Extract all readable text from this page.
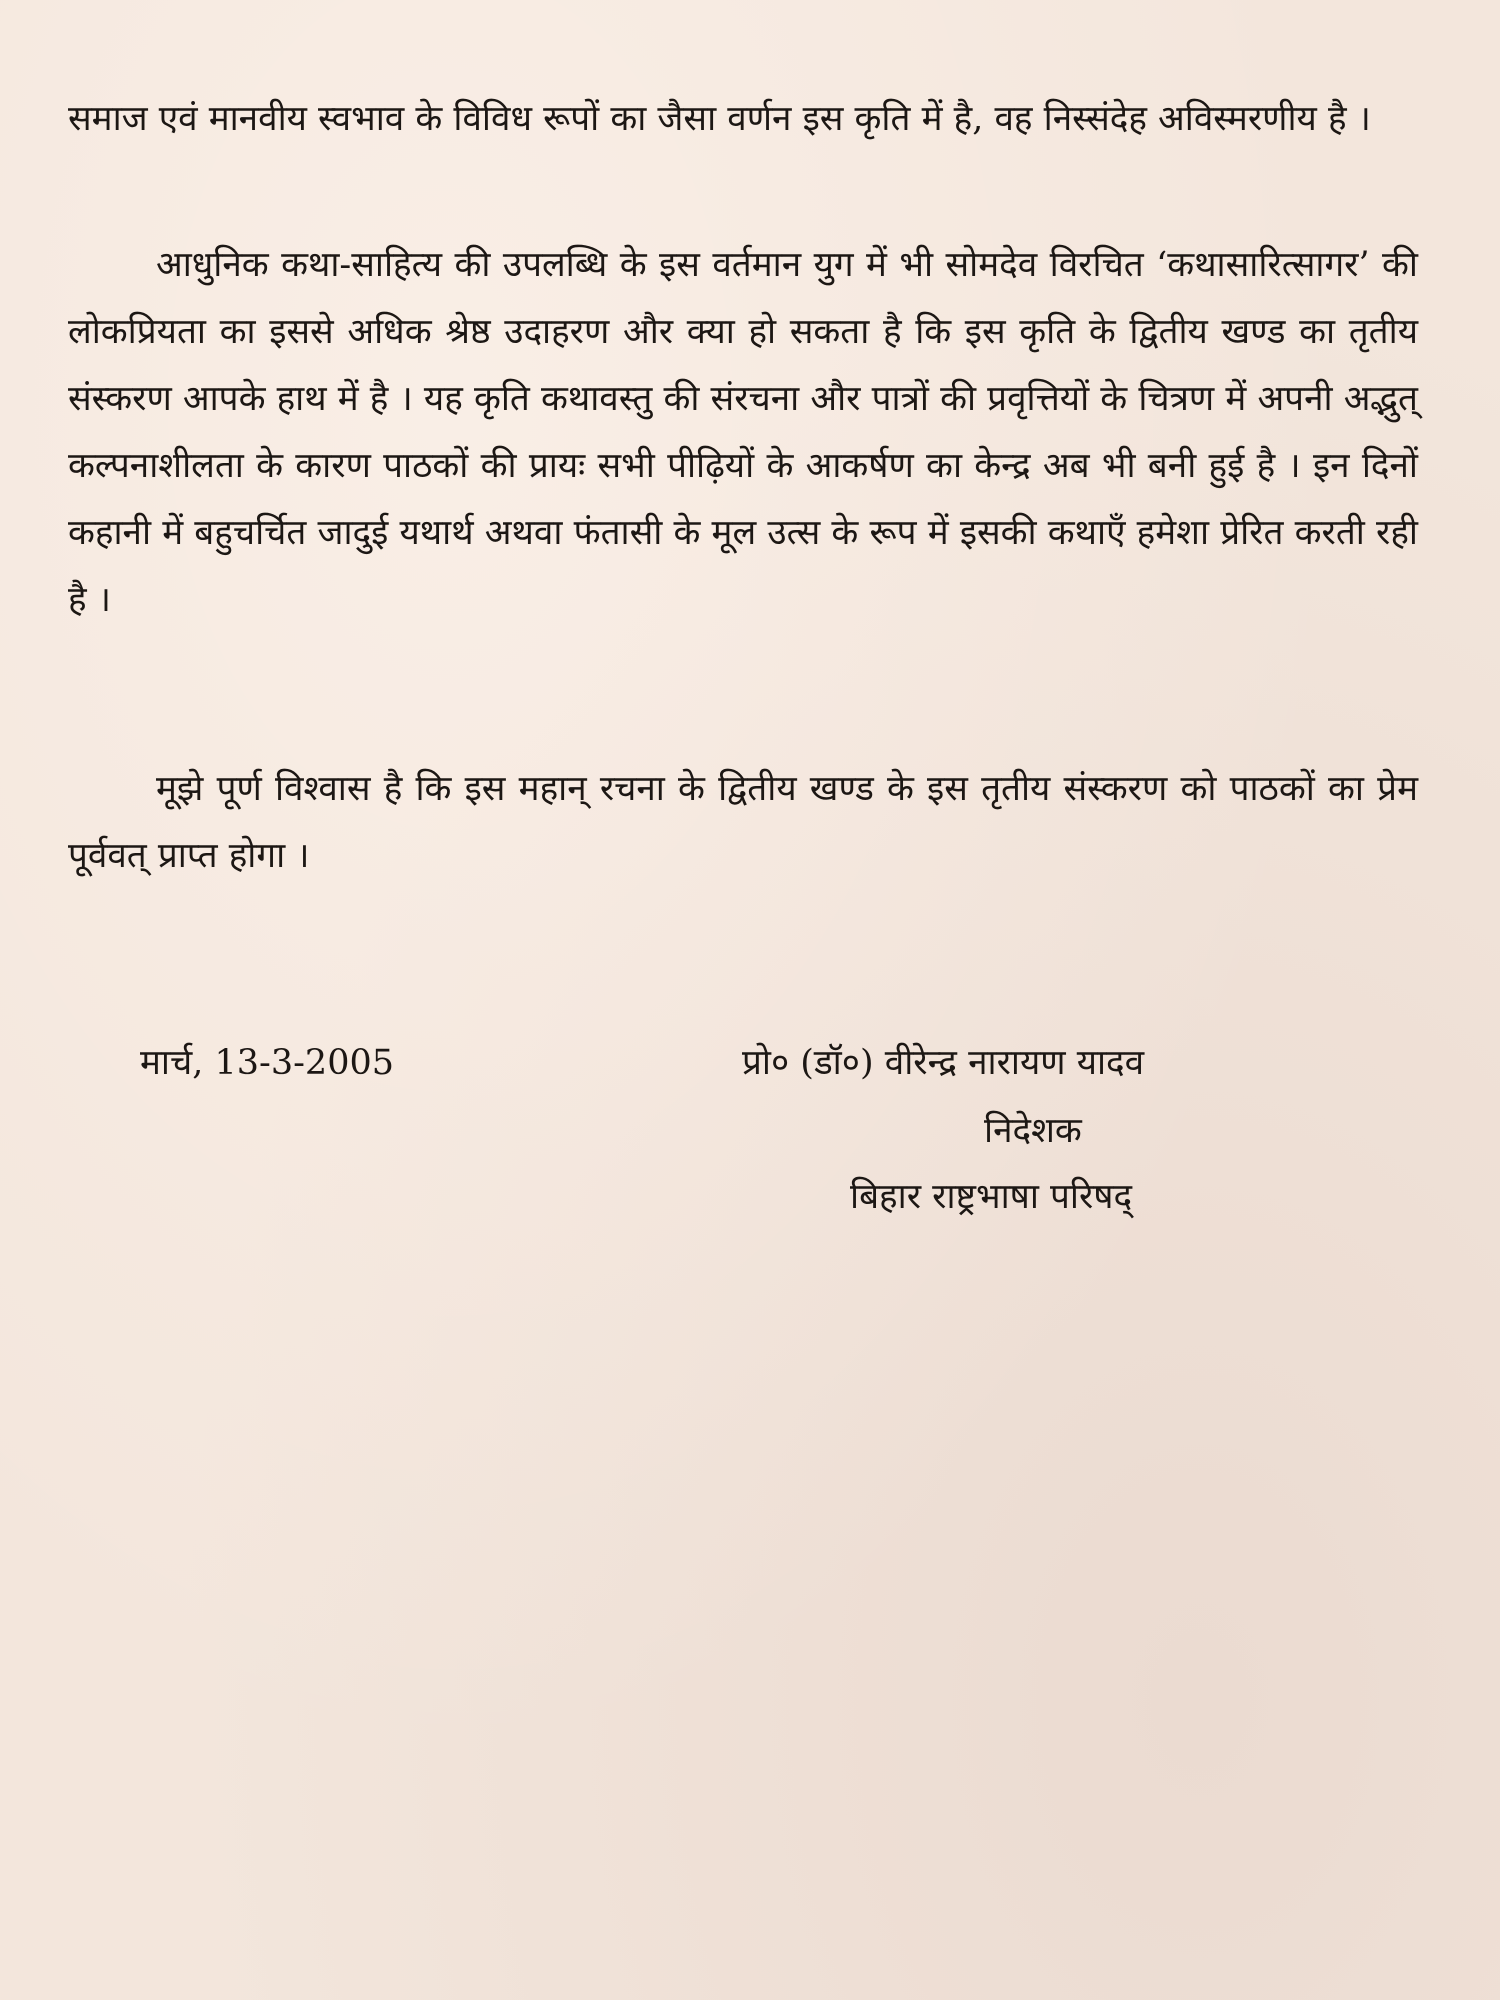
समाज एवं मानवीय स्वभाव के विविध रूपों का जैसा वर्णन इस कृति में है, वह निस्संदेह अविस्मरणीय है ।

आधुनिक कथा-साहित्य की उपलब्धि के इस वर्तमान युग में भी सोमदेव विरचित ‘कथासारित्सागर’ की लोकप्रियता का इससे अधिक श्रेष्ठ उदाहरण और क्या हो सकता है कि इस कृति के द्वितीय खण्ड का तृतीय संस्करण आपके हाथ में है । यह कृति कथावस्तु की संरचना और पात्रों की प्रवृत्तियों के चित्रण में अपनी अद्भुत् कल्पनाशीलता के कारण पाठकों की प्रायः सभी पीढ़ियों के आकर्षण का केन्द्र अब भी बनी हुई है । इन दिनों कहानी में बहुचर्चित जादुई यथार्थ अथवा फंतासी के मूल उत्स के रूप में इसकी कथाएँ हमेशा प्रेरित करती रही है ।

मूझे पूर्ण विश्वास है कि इस महान् रचना के द्वितीय खण्ड के इस तृतीय संस्करण को पाठकों का प्रेम पूर्ववत् प्राप्त होगा ।

मार्च, 13-3-2005	प्रो० (डॉ०) वीरेन्द्र नारायण यादव
निदेशक
बिहार राष्ट्रभाषा परिषद्
